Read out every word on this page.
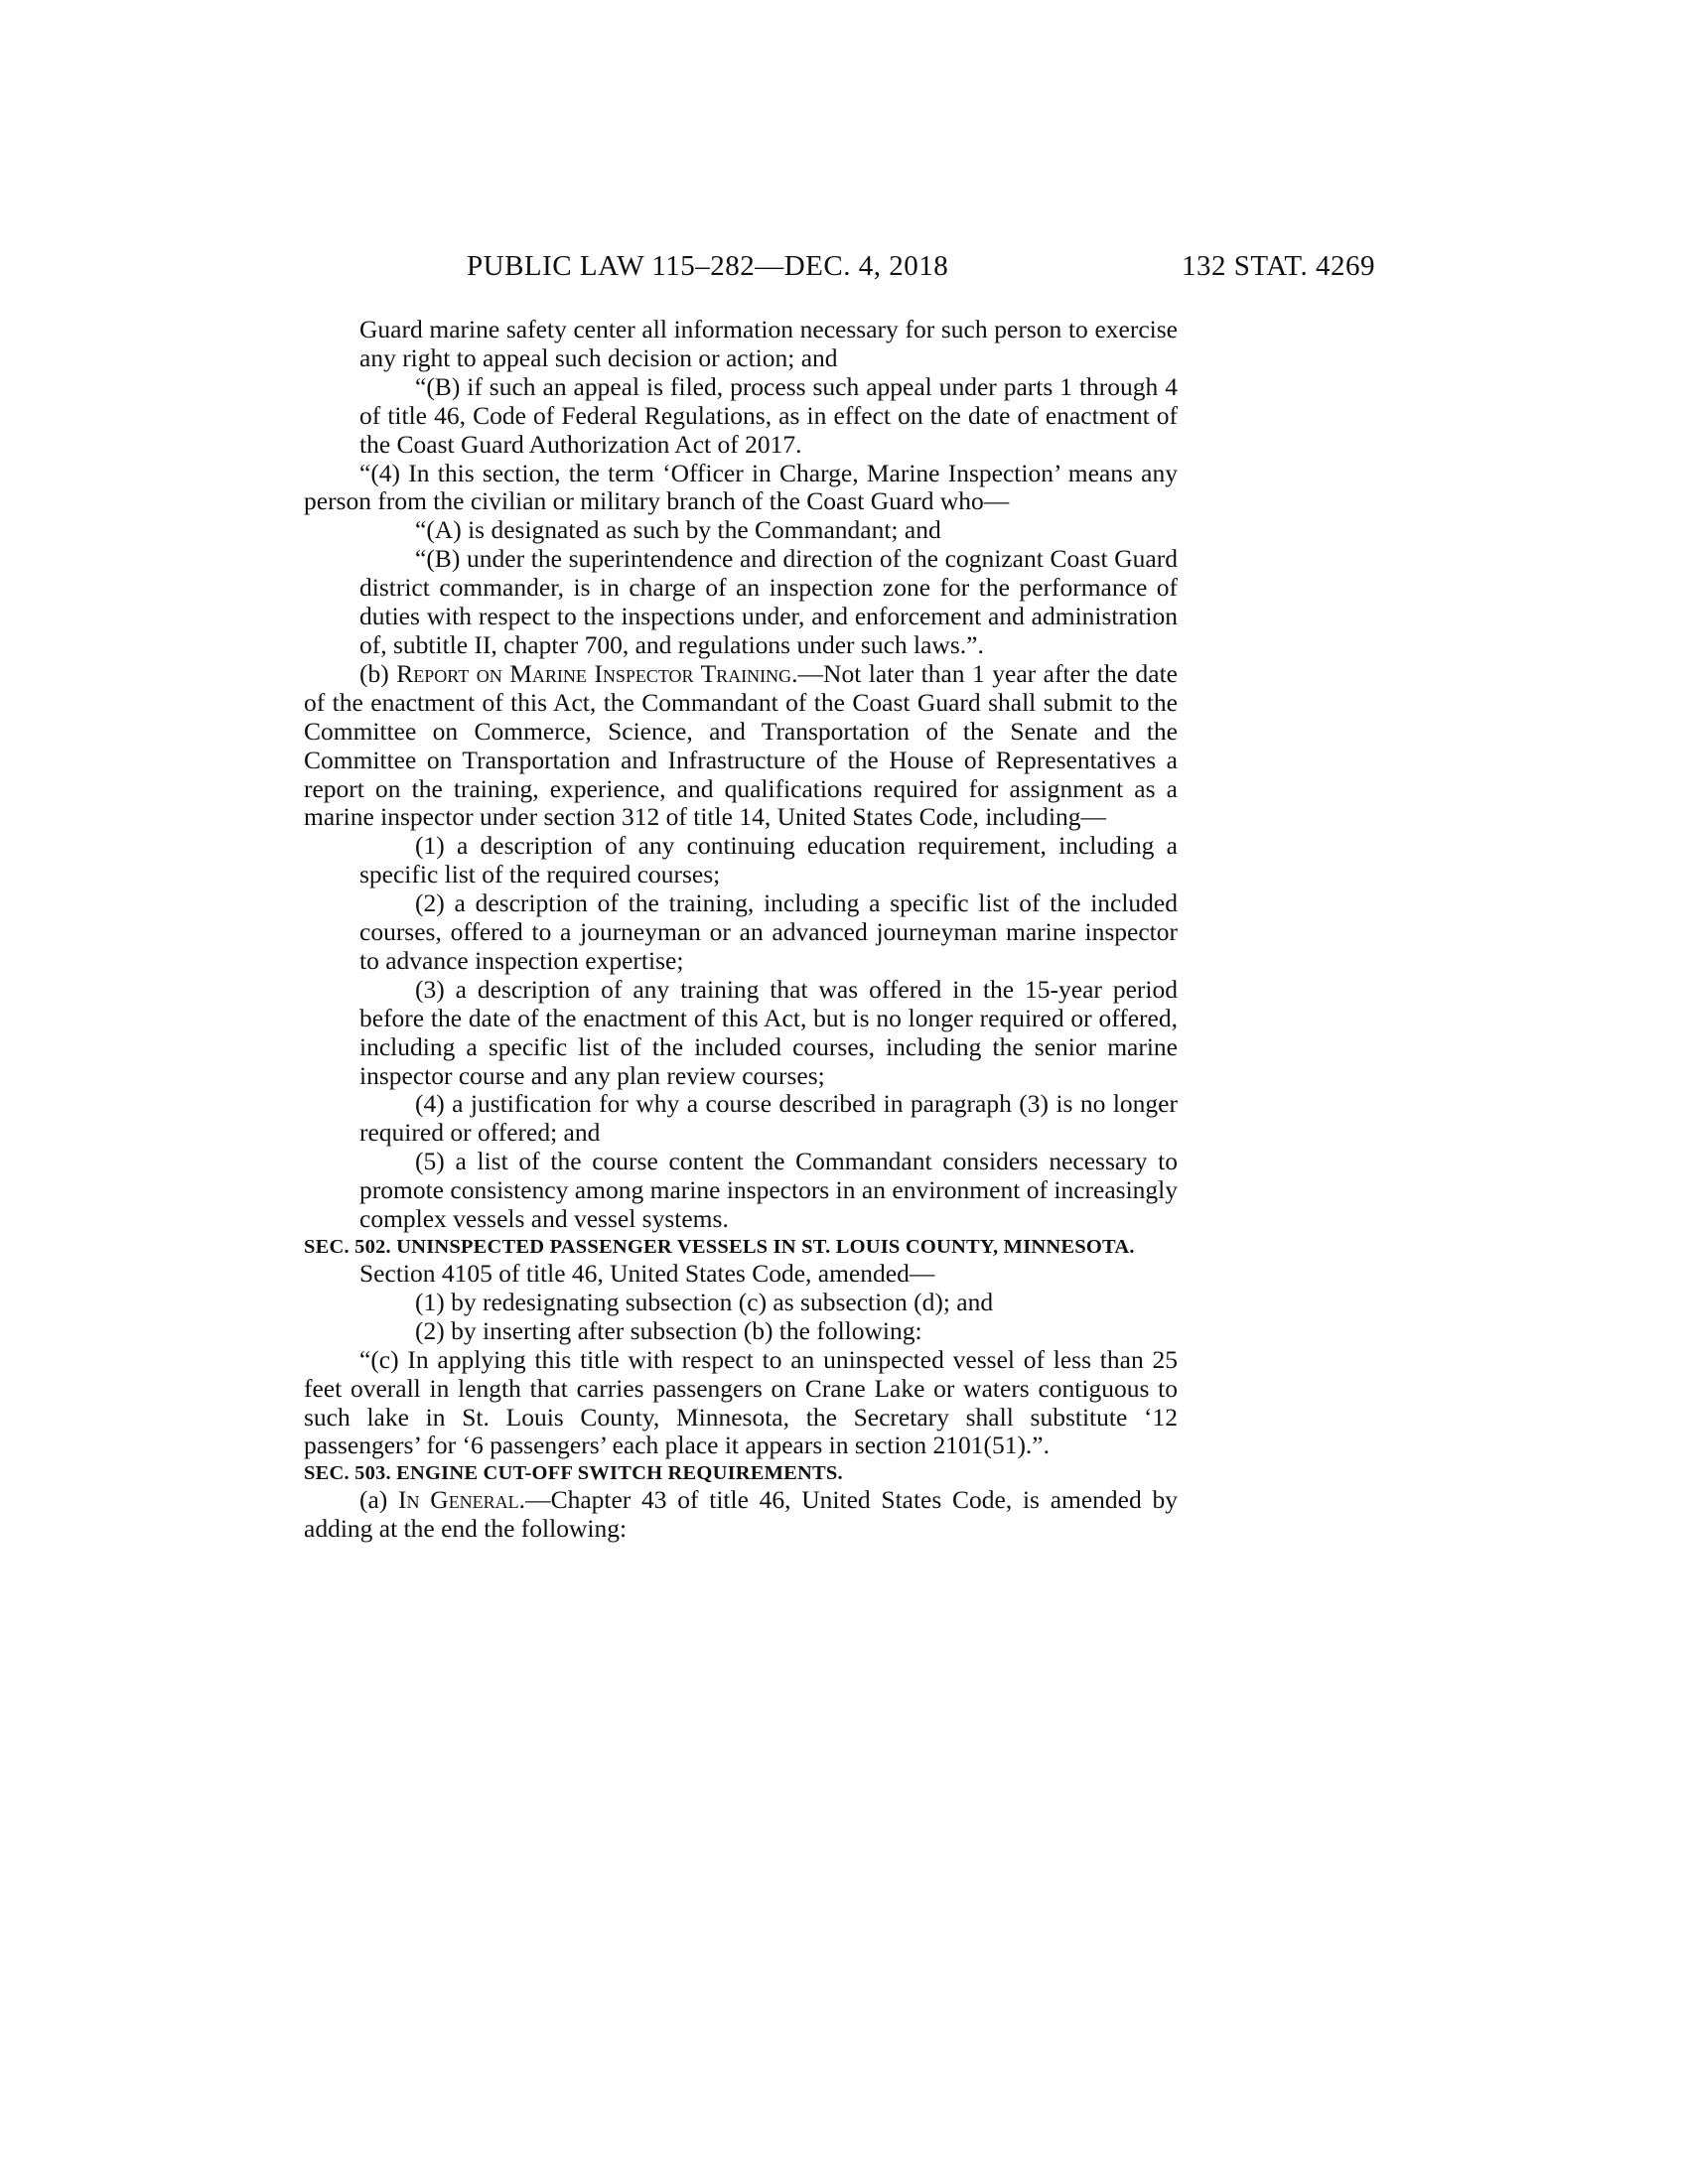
PUBLIC LAW 115–282—DEC. 4, 2018	132 STAT. 4269

Guard marine safety center all information necessary for such person to exercise any right to appeal such decision or action; and

“(B) if such an appeal is filed, process such appeal under parts 1 through 4 of title 46, Code of Federal Regulations, as in effect on the date of enactment of the Coast Guard Authorization Act of 2017.

“(4) In this section, the term ‘Officer in Charge, Marine Inspection’ means any person from the civilian or military branch of the Coast Guard who—

“(A) is designated as such by the Commandant; and

“(B) under the superintendence and direction of the cognizant Coast Guard district commander, is in charge of an inspection zone for the performance of duties with respect to the inspections under, and enforcement and administration of, subtitle II, chapter 700, and regulations under such laws.”.

(b) Report on Marine Inspector Training.—Not later than 1 year after the date of the enactment of this Act, the Commandant of the Coast Guard shall submit to the Committee on Commerce, Science, and Transportation of the Senate and the Committee on Transportation and Infrastructure of the House of Representatives a report on the training, experience, and qualifications required for assignment as a marine inspector under section 312 of title 14, United States Code, including—

(1) a description of any continuing education requirement, including a specific list of the required courses;

(2) a description of the training, including a specific list of the included courses, offered to a journeyman or an advanced journeyman marine inspector to advance inspection expertise;

(3) a description of any training that was offered in the 15-year period before the date of the enactment of this Act, but is no longer required or offered, including a specific list of the included courses, including the senior marine inspector course and any plan review courses;

(4) a justification for why a course described in paragraph (3) is no longer required or offered; and

(5) a list of the course content the Commandant considers necessary to promote consistency among marine inspectors in an environment of increasingly complex vessels and vessel systems.

SEC. 502. UNINSPECTED PASSENGER VESSELS IN ST. LOUIS COUNTY, MINNESOTA.

Section 4105 of title 46, United States Code, amended—

(1) by redesignating subsection (c) as subsection (d); and

(2) by inserting after subsection (b) the following:

“(c) In applying this title with respect to an uninspected vessel of less than 25 feet overall in length that carries passengers on Crane Lake or waters contiguous to such lake in St. Louis County, Minnesota, the Secretary shall substitute ‘12 passengers’ for ‘6 passengers’ each place it appears in section 2101(51).”.

SEC. 503. ENGINE CUT-OFF SWITCH REQUIREMENTS.

(a) In General.—Chapter 43 of title 46, United States Code, is amended by adding at the end the following:
